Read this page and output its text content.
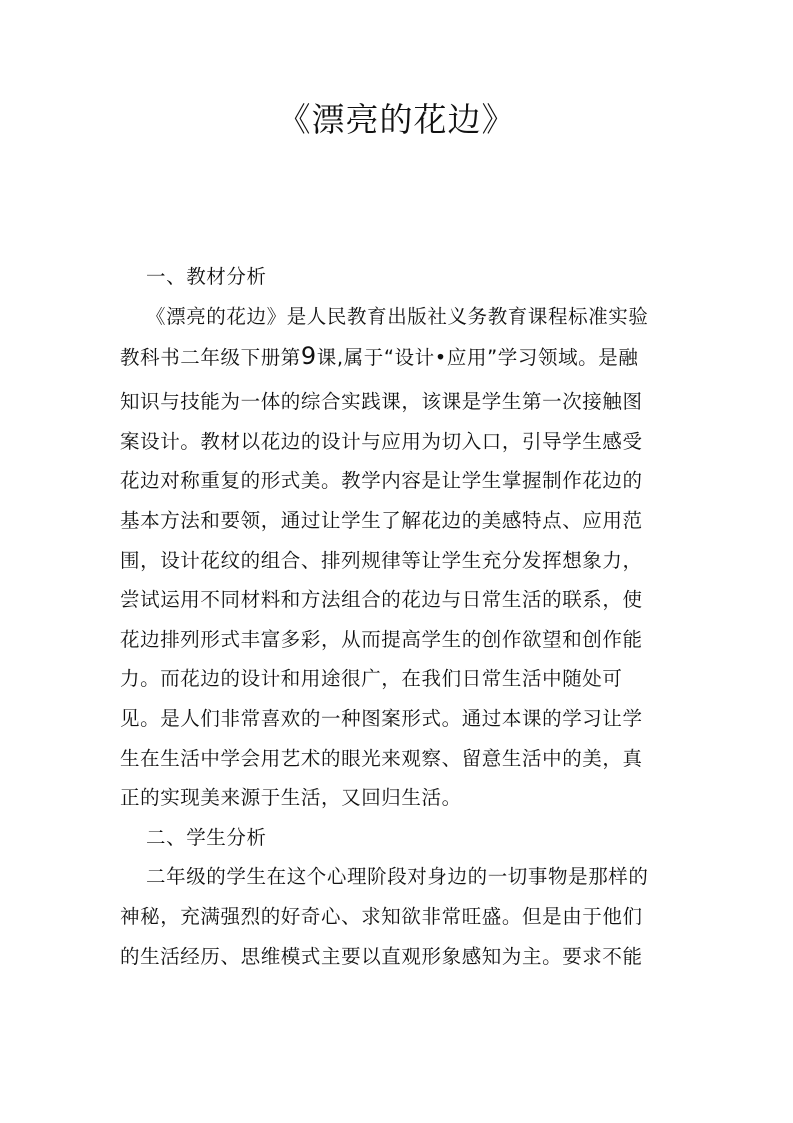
《漂亮的花边》
一、教材分析
《漂亮的花边》是人民教育出版社义务教育课程标准实验
教科书二年级下册第9课,属于“设计•应用”学习领域。是融
知识与技能为一体的综合实践课，该课是学生第一次接触图
案设计。教材以花边的设计与应用为切入口，引导学生感受
花边对称重复的形式美。教学内容是让学生掌握制作花边的
基本方法和要领，通过让学生了解花边的美感特点、应用范
围，设计花纹的组合、排列规律等让学生充分发挥想象力，
尝试运用不同材料和方法组合的花边与日常生活的联系，使
花边排列形式丰富多彩，从而提高学生的创作欲望和创作能
力。而花边的设计和用途很广，在我们日常生活中随处可
见。是人们非常喜欢的一种图案形式。通过本课的学习让学
生在生活中学会用艺术的眼光来观察、留意生活中的美，真
正的实现美来源于生活，又回归生活。
二、学生分析
二年级的学生在这个心理阶段对身边的一切事物是那样的
神秘，充满强烈的好奇心、求知欲非常旺盛。但是由于他们
的生活经历、思维模式主要以直观形象感知为主。要求不能
